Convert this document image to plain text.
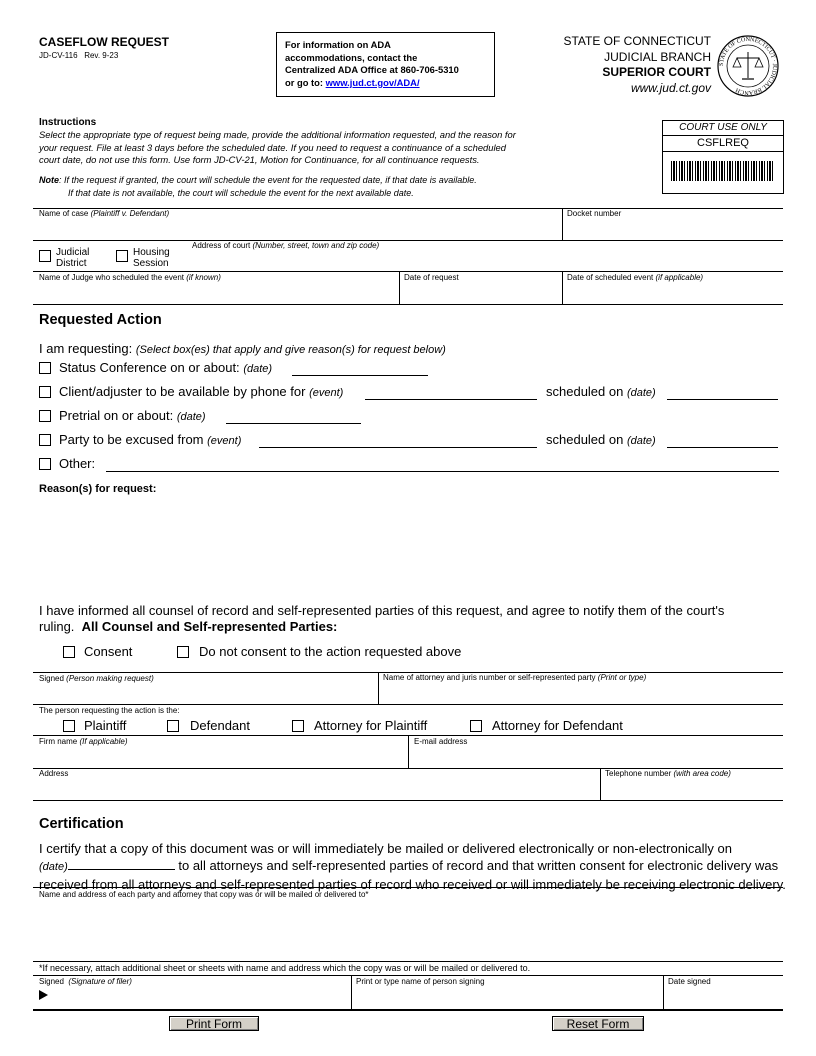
CASEFLOW REQUEST
JD-CV-116 Rev. 9-23
For information on ADA
accommodations, contact the
Centralized ADA Office at 860-706-5310
or go to: www.jud.ct.gov/ADA/
STATE OF CONNECTICUT
JUDICIAL BRANCH
SUPERIOR COURT
www.jud.ct.gov
STATE OF CONNECTICUT · JUDICIAL BRANCH
Instructions
Select the appropriate type of request being made, provide the additional information requested, and the reason for
your request. File at least 3 days before the scheduled date. If you need to request a continuance of a scheduled
court date, do not use this form. Use form JD-CV-21, Motion for Continuance, for all continuance requests.
Note: If the request if granted, the court will schedule the event for the requested date, if that date is available.
If that date is not available, the court will schedule the event for the next available date.
COURT USE ONLY
CSFLREQ
Name of case (Plaintiff v. Defendant)	Docket number
Judicial
District
Housing
Session
Address of court (Number, street, town and zip code)
Name of Judge who scheduled the event (if known)	Date of request	Date of scheduled event (if applicable)
Requested Action
I am requesting: (Select box(es) that apply and give reason(s) for request below)
Status Conference on or about: (date)
Client/adjuster to be available by phone for (event)	scheduled on (date)
Pretrial on or about: (date)
Party to be excused from (event)	scheduled on (date)
Other:
Reason(s) for request:
I have informed all counsel of record and self-represented parties of this request, and agree to notify them of the court's
ruling. All Counsel and Self-represented Parties:
Consent	Do not consent to the action requested above
Signed (Person making request)	Name of attorney and juris number or self-represented party (Print or type)
The person requesting the action is the:
Plaintiff	Defendant	Attorney for Plaintiff	Attorney for Defendant
Firm name (If applicable)	E-mail address
Address	Telephone number (with area code)
Certification
I certify that a copy of this document was or will immediately be mailed or delivered electronically or non-electronically on
(date)	to all attorneys and self-represented parties of record and that written consent for electronic delivery was
received from all attorneys and self-represented parties of record who received or will immediately be receiving electronic delivery.
Name and address of each party and attorney that copy was or will be mailed or delivered to*
*If necessary, attach additional sheet or sheets with name and address which the copy was or will be mailed or delivered to.
Signed (Signature of filer)	Print or type name of person signing	Date signed
Print Form	Reset Form
